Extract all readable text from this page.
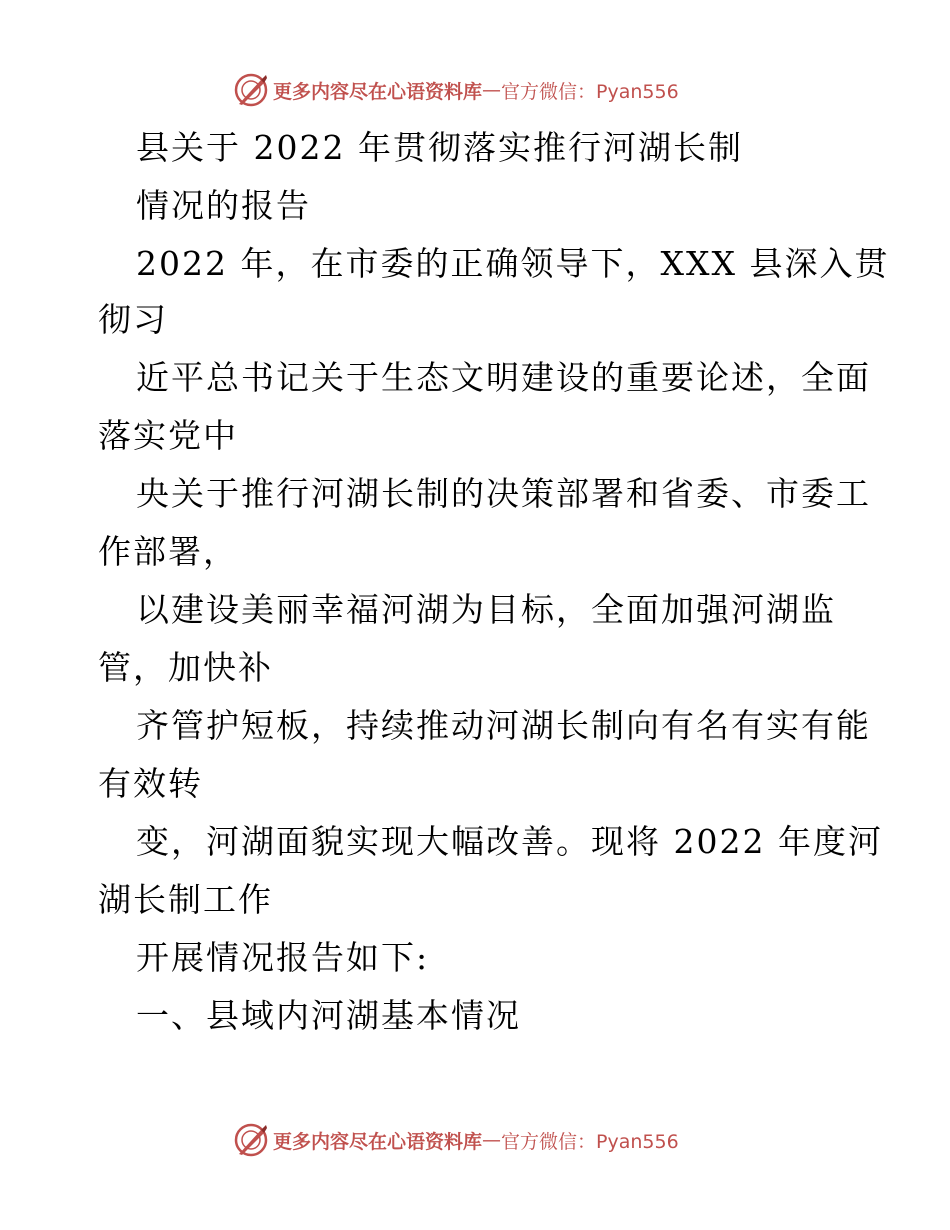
更多内容尽在心语资料库 — 官方微信：Pyan556
县关于 2022 年贯彻落实推行河湖长制
情况的报告
2022 年，在市委的正确领导下，XXX 县深入贯
彻习
近平总书记关于生态文明建设的重要论述，全面
落实党中
央关于推行河湖长制的决策部署和省委、市委工
作部署，
以建设美丽幸福河湖为目标，全面加强河湖监
管，加快补
齐管护短板，持续推动河湖长制向有名有实有能
有效转
变，河湖面貌实现大幅改善。现将 2022 年度河
湖长制工作
开展情况报告如下:
一、县域内河湖基本情况
更多内容尽在心语资料库 — 官方微信：Pyan556
